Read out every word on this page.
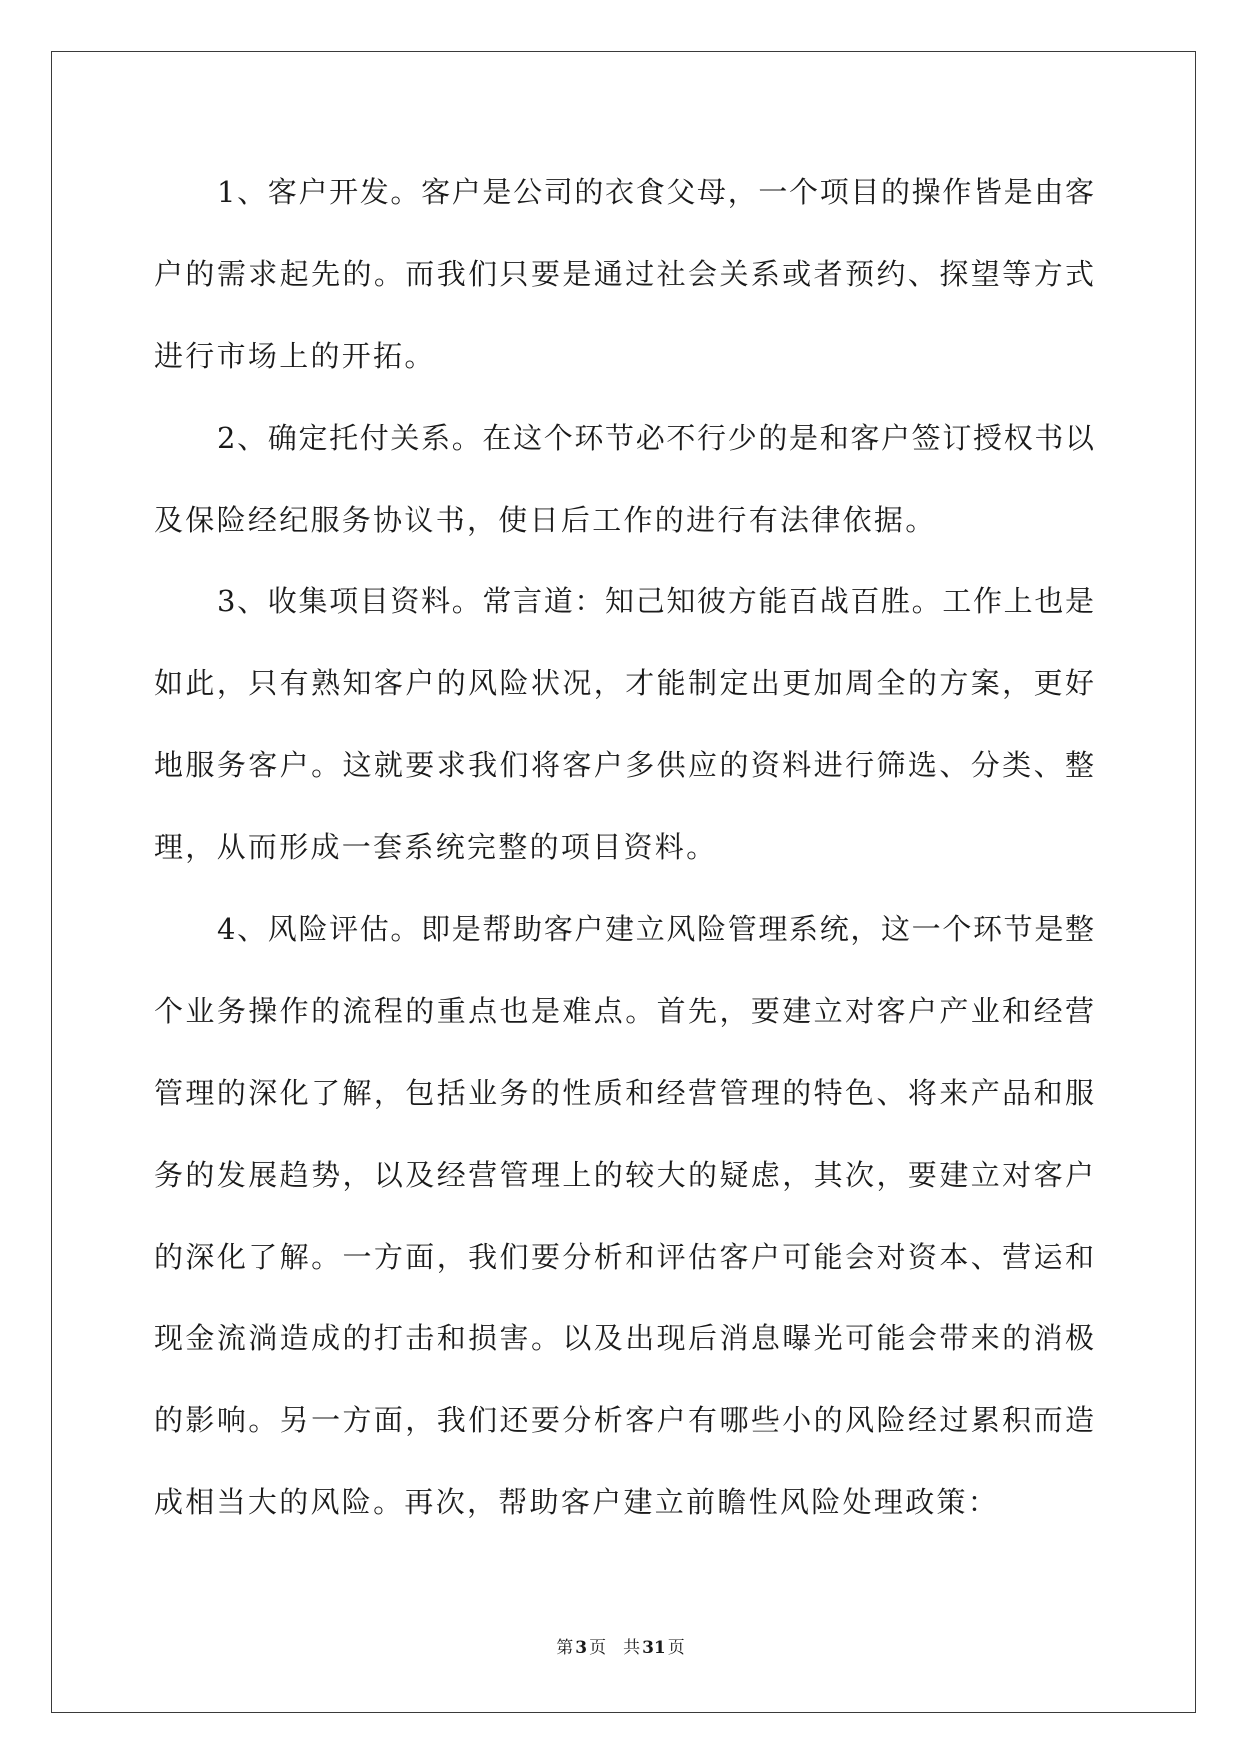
1、客户开发。客户是公司的衣食父母，一个项目的操作皆是由客
户的需求起先的。而我们只要是通过社会关系或者预约、探望等方式
进行市场上的开拓。
2、确定托付关系。在这个环节必不行少的是和客户签订授权书以
及保险经纪服务协议书，使日后工作的进行有法律依据。
3、收集项目资料。常言道：知己知彼方能百战百胜。工作上也是
如此，只有熟知客户的风险状况，才能制定出更加周全的方案，更好
地服务客户。这就要求我们将客户多供应的资料进行筛选、分类、整
理，从而形成一套系统完整的项目资料。
4、风险评估。即是帮助客户建立风险管理系统，这一个环节是整
个业务操作的流程的重点也是难点。首先，要建立对客户产业和经营
管理的深化了解，包括业务的性质和经营管理的特色、将来产品和服
务的发展趋势，以及经营管理上的较大的疑虑，其次，要建立对客户
的深化了解。一方面，我们要分析和评估客户可能会对资本、营运和
现金流淌造成的打击和损害。以及出现后消息曝光可能会带来的消极
的影响。另一方面，我们还要分析客户有哪些小的风险经过累积而造
成相当大的风险。再次，帮助客户建立前瞻性风险处理政策：
第 3 页　共 31 页
